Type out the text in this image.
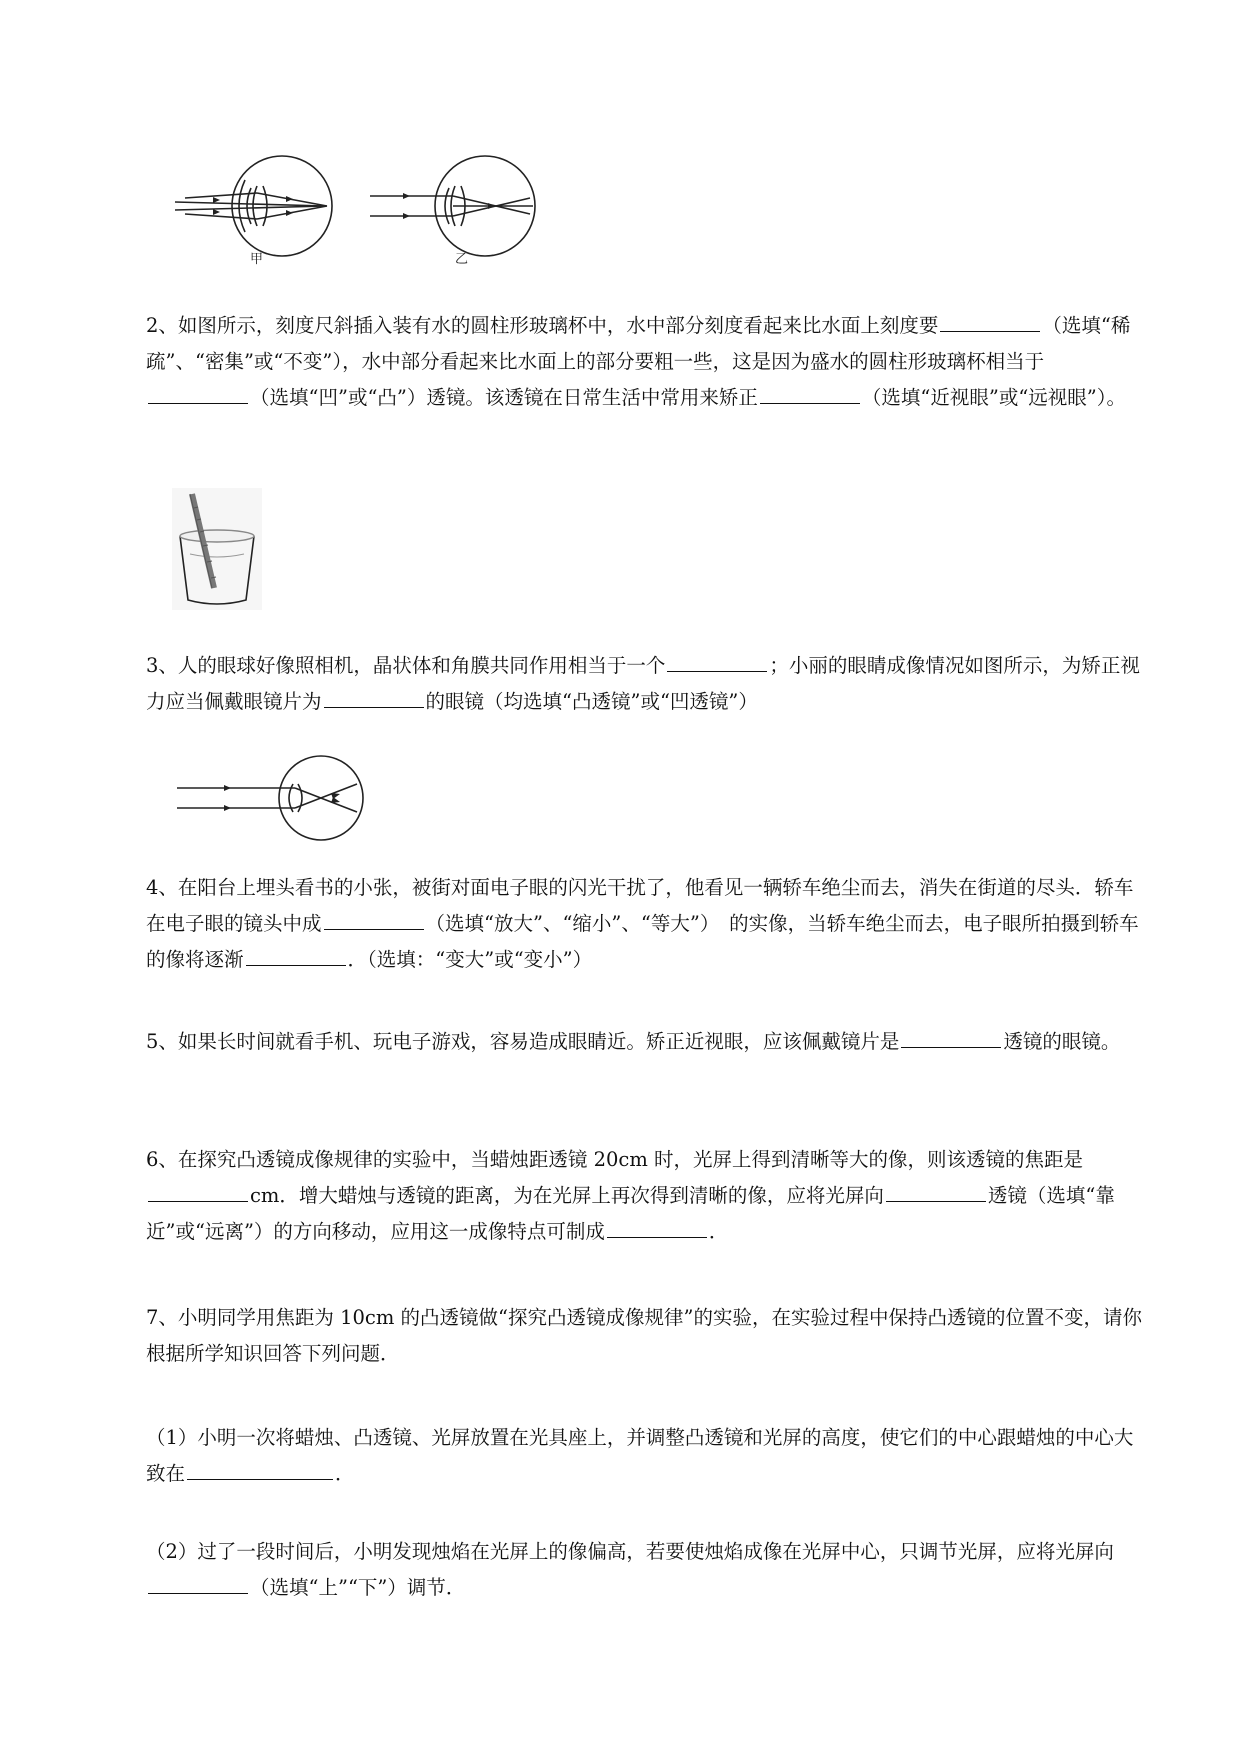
甲	乙

2、如图所示，刻度尺斜插入装有水的圆柱形玻璃杯中，水中部分刻度看起来比水面上刻度要	（选填“稀疏”、“密集”或“不变”），水中部分看起来比水面上的部分要粗一些，这是因为盛水的圆柱形玻璃杯相当于（选填“凹”或“凸”）透镜。该透镜在日常生活中常用来矫正	（选填“近视眼”或“远视眼”）。

3、人的眼球好像照相机，晶状体和角膜共同作用相当于一个	；小丽的眼睛成像情况如图所示，为矫正视力应当佩戴眼镜片为	的眼镜（均选填“凸透镜”或“凹透镜”）

4、在阳台上埋头看书的小张，被街对面电子眼的闪光干扰了，他看见一辆轿车绝尘而去，消失在街道的尽头．轿车在电子眼的镜头中成	（选填“放大”、“缩小”、“等大”）　的实像，当轿车绝尘而去，电子眼所拍摄到轿车的像将逐渐	．（选填：“变大”或“变小”）

5、如果长时间就看手机、玩电子游戏，容易造成眼睛近。矫正近视眼，应该佩戴镜片是	透镜的眼镜。

6、在探究凸透镜成像规律的实验中，当蜡烛距透镜 20cm 时，光屏上得到清晰等大的像，则该透镜的焦距是cm．增大蜡烛与透镜的距离，为在光屏上再次得到清晰的像，应将光屏向	透镜（选填“靠近”或“远离”）的方向移动，应用这一成像特点可制成	．

7、小明同学用焦距为 10cm 的凸透镜做“探究凸透镜成像规律”的实验，在实验过程中保持凸透镜的位置不变，请你根据所学知识回答下列问题．

（1）小明一次将蜡烛、凸透镜、光屏放置在光具座上，并调整凸透镜和光屏的高度，使它们的中心跟蜡烛的中心大致在	．

（2）过了一段时间后，小明发现烛焰在光屏上的像偏高，若要使烛焰成像在光屏中心，只调节光屏，应将光屏向（选填“上”“下”）调节．
